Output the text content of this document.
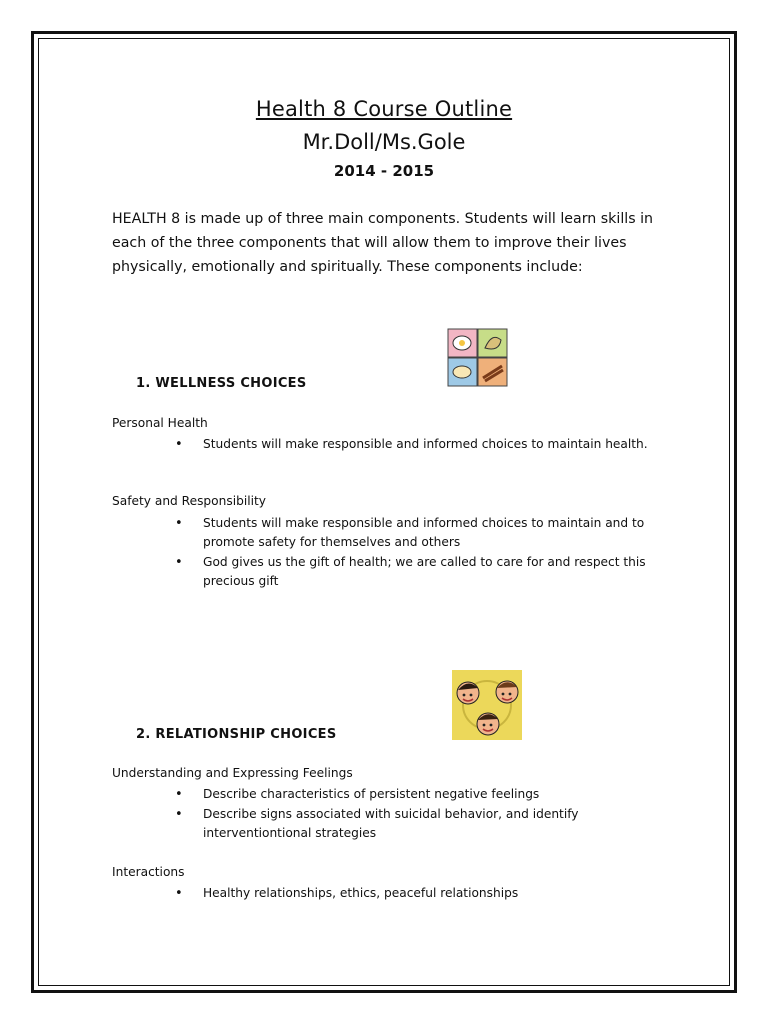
Health 8 Course Outline
Mr.Doll/Ms.Gole
2014 - 2015
HEALTH 8 is made up of three main components. Students will learn skills in each of the three components that will allow them to improve their lives physically, emotionally and spiritually. These components include:
1. WELLNESS CHOICES
Personal Health
• Students will make responsible and informed choices to maintain health.
Safety and Responsibility
• Students will make responsible and informed choices to maintain and to promote safety for themselves and others
• God gives us the gift of health; we are called to care for and respect this precious gift
2. RELATIONSHIP CHOICES
Understanding and Expressing Feelings
• Describe characteristics of persistent negative feelings
• Describe signs associated with suicidal behavior, and identify interventiontional strategies
Interactions
• Healthy relationships, ethics, peaceful relationships
